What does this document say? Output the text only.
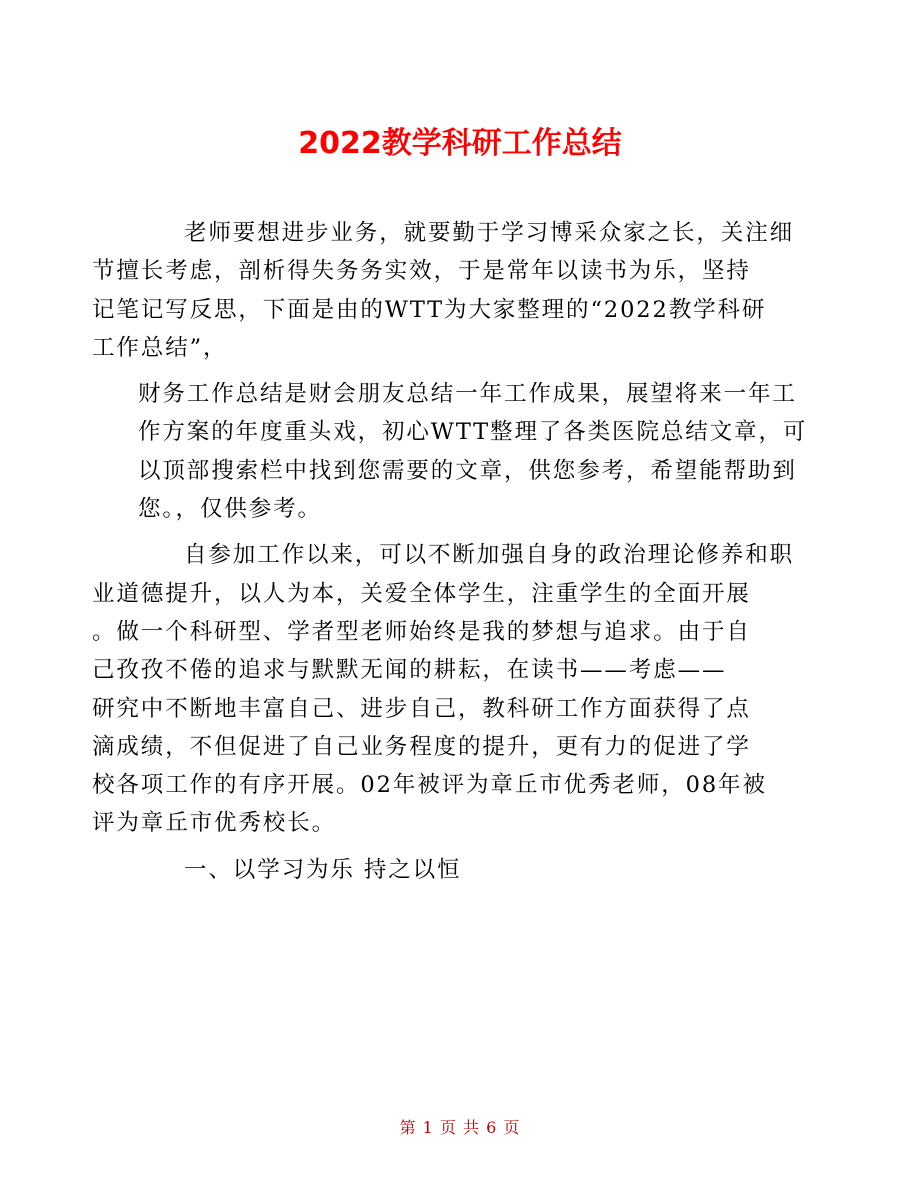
2022教学科研工作总结
老师要想进步业务，就要勤于学习博采众家之长，关注细
节擅长考虑，剖析得失务务实效，于是常年以读书为乐，坚持
记笔记写反思，下面是由的WTT为大家整理的“2022教学科研
工作总结”，
财务工作总结是财会朋友总结一年工作成果，展望将来一年工
作方案的年度重头戏，初心WTT整理了各类医院总结文章，可
以顶部搜索栏中找到您需要的文章，供您参考，希望能帮助到
您。，仅供参考。
自参加工作以来，可以不断加强自身的政治理论修养和职
业道德提升，以人为本，关爱全体学生，注重学生的全面开展
。做一个科研型、学者型老师始终是我的梦想与追求。由于自
己孜孜不倦的追求与默默无闻的耕耘，在读书——考虑——
研究中不断地丰富自己、进步自己，教科研工作方面获得了点
滴成绩，不但促进了自己业务程度的提升，更有力的促进了学
校各项工作的有序开展。02年被评为章丘市优秀老师，08年被
评为章丘市优秀校长。
一、以学习为乐 持之以恒
第 1 页 共 6 页
